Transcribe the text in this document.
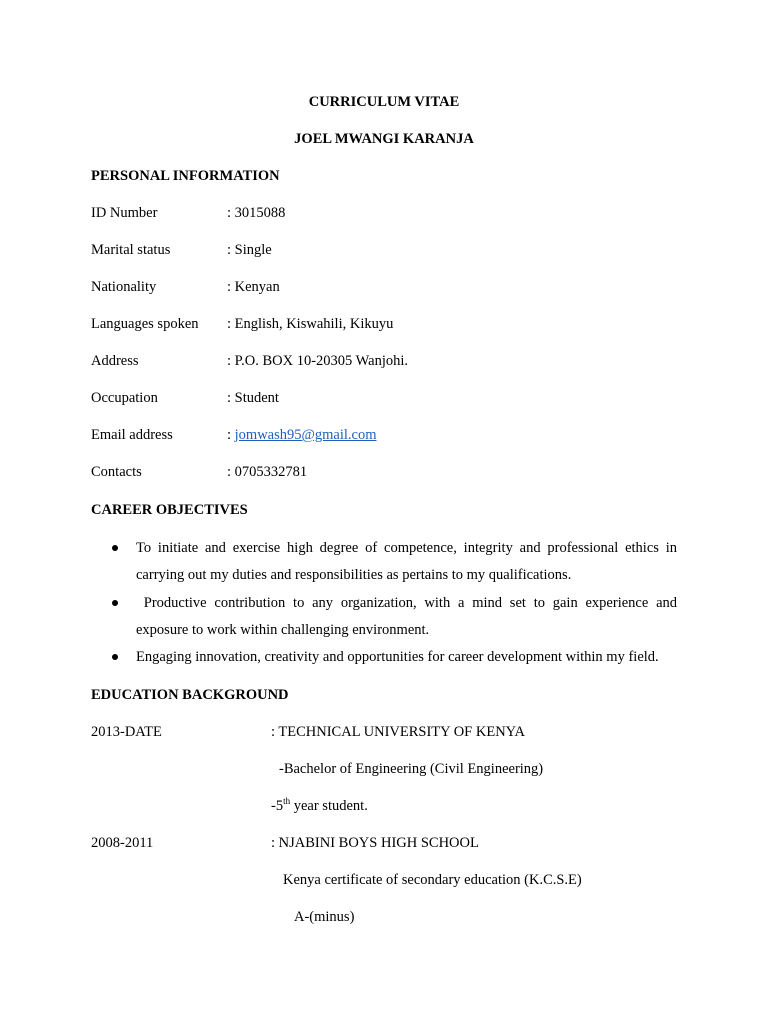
CURRICULUM VITAE
JOEL MWANGI KARANJA
PERSONAL INFORMATION
ID Number	: 3015088
Marital status	: Single
Nationality	: Kenyan
Languages spoken : English, Kiswahili, Kikuyu
Address	: P.O. BOX 10-20305 Wanjohi.
Occupation	: Student
Email address	: jomwash95@gmail.com
Contacts	: 0705332781
CAREER OBJECTIVES
To initiate and exercise high degree of competence, integrity and professional ethics in
carrying out my duties and responsibilities as pertains to my qualifications.
Productive contribution to any organization, with a mind set to gain experience and
exposure to work within challenging environment.
Engaging innovation, creativity and opportunities for career development within my field.
EDUCATION BACKGROUND
2013-DATE	: TECHNICAL UNIVERSITY OF KENYA
-Bachelor of Engineering (Civil Engineering)
-5th year student.
2008-2011	: NJABINI BOYS HIGH SCHOOL
Kenya certificate of secondary education (K.C.S.E)
A-(minus)
